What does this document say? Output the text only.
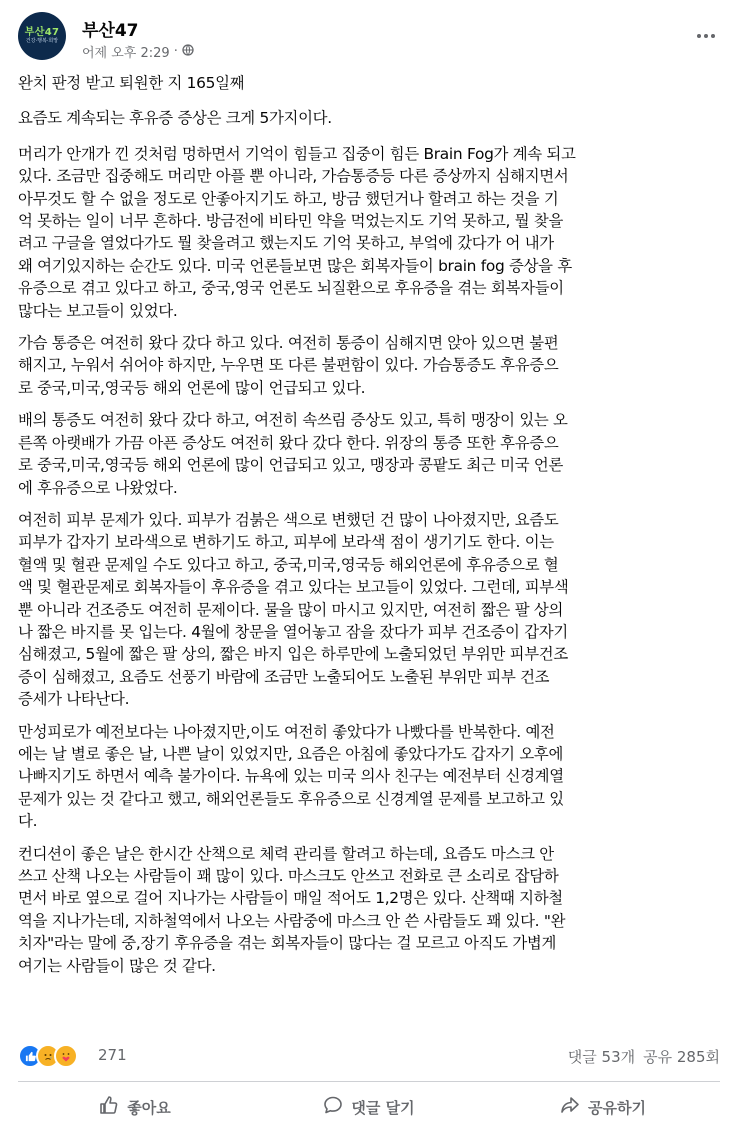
부산47
건강·행복·희망 부산47
어제 오후 2:29 ·

완치 판정 받고 퇴원한 지 165일째

요즘도 계속되는 후유증 증상은 크게 5가지이다.

머리가 안개가 낀 것처럼 멍하면서 기억이 힘들고 집중이 힘든 Brain Fog가 계속 되고
있다. 조금만 집중해도 머리만 아플 뿐 아니라, 가슴통증등 다른 증상까지 심해지면서
아무것도 할 수 없을 정도로 안좋아지기도 하고, 방금 했던거나 할려고 하는 것을 기
억 못하는 일이 너무 흔하다. 방금전에 비타민 약을 먹었는지도 기억 못하고, 뭘 찾을
려고 구글을 열었다가도 뭘 찾을려고 했는지도 기억 못하고, 부엌에 갔다가 어 내가
왜 여기있지하는 순간도 있다. 미국 언론들보면 많은 회복자들이 brain fog 증상을 후
유증으로 겪고 있다고 하고, 중국,영국 언론도 뇌질환으로 후유증을 겪는 회복자들이
많다는 보고들이 있었다.

가슴 통증은 여전히 왔다 갔다 하고 있다. 여전히 통증이 심해지면 앉아 있으면 불편
해지고, 누워서 쉬어야 하지만, 누우면 또 다른 불편함이 있다. 가슴통증도 후유증으
로 중국,미국,영국등 해외 언론에 많이 언급되고 있다.

배의 통증도 여전히 왔다 갔다 하고, 여전히 속쓰림 증상도 있고, 특히 맹장이 있는 오
른쪽 아랫배가 가끔 아픈 증상도 여전히 왔다 갔다 한다. 위장의 통증 또한 후유증으
로 중국,미국,영국등 해외 언론에 많이 언급되고 있고, 맹장과 콩팥도 최근 미국 언론
에 후유증으로 나왔었다.

여전히 피부 문제가 있다. 피부가 검붉은 색으로 변했던 건 많이 나아졌지만, 요즘도
피부가 갑자기 보라색으로 변하기도 하고, 피부에 보라색 점이 생기기도 한다. 이는
혈액 및 혈관 문제일 수도 있다고 하고, 중국,미국,영국등 해외언론에 후유증으로 혈
액 및 혈관문제로 회복자들이 후유증을 겪고 있다는 보고들이 있었다. 그런데, 피부색
뿐 아니라 건조증도 여전히 문제이다. 물을 많이 마시고 있지만, 여전히 짧은 팔 상의
나 짧은 바지를 못 입는다. 4월에 창문을 열어놓고 잠을 잤다가 피부 건조증이 갑자기
심해졌고, 5월에 짧은 팔 상의, 짧은 바지 입은 하루만에 노출되었던 부위만 피부건조
증이 심해졌고, 요즘도 선풍기 바람에 조금만 노출되어도 노출된 부위만 피부 건조
증세가 나타난다.

만성피로가 예전보다는 나아졌지만,이도 여전히 좋았다가 나빴다를 반복한다. 예전
에는 날 별로 좋은 날, 나쁜 날이 있었지만, 요즘은 아침에 좋았다가도 갑자기 오후에
나빠지기도 하면서 예측 불가이다. 뉴욕에 있는 미국 의사 친구는 예전부터 신경계열
문제가 있는 것 같다고 했고, 해외언론들도 후유증으로 신경계열 문제를 보고하고 있
다.

컨디션이 좋은 날은 한시간 산책으로 체력 관리를 할려고 하는데, 요즘도 마스크 안
쓰고 산책 나오는 사람들이 꽤 많이 있다. 마스크도 안쓰고 전화로 큰 소리로 잡담하
면서 바로 옆으로 걸어 지나가는 사람들이 매일 적어도 1,2명은 있다. 산책때 지하철
역을 지나가는데, 지하철역에서 나오는 사람중에 마스크 안 쓴 사람들도 꽤 있다. "완
치자"라는 말에 중,장기 후유증을 겪는 회복자들이 많다는 걸 모르고 아직도 가볍게
여기는 사람들이 많은 것 같다.

271	댓글 53개 공유 285회
좋아요	댓글 달기	공유하기
